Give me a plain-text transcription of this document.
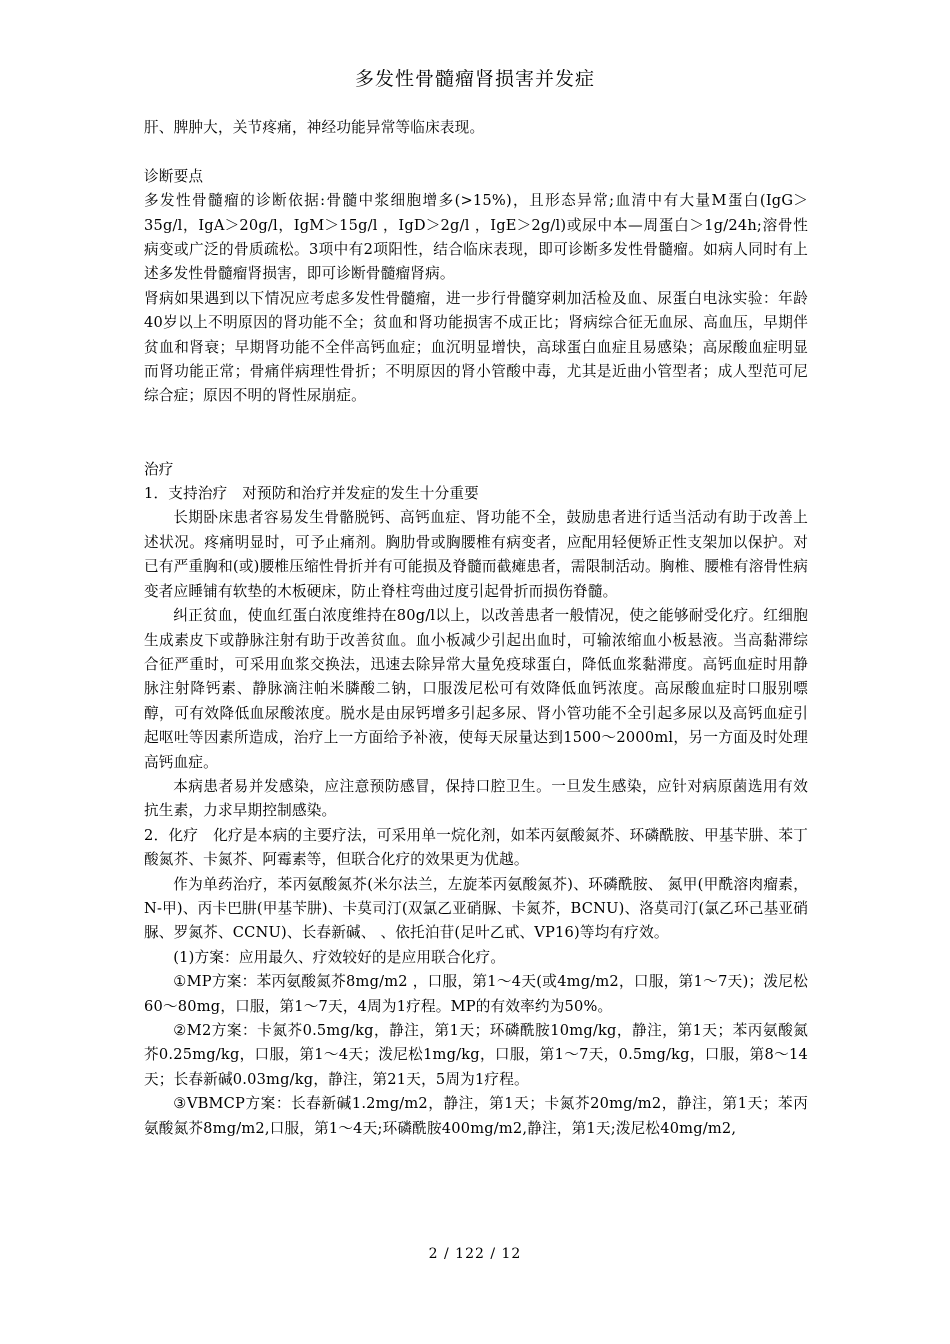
多发性骨髓瘤肾损害并发症

肝、脾肿大，关节疼痛，神经功能异常等临床表现。

诊断要点

多发性骨髓瘤的诊断依据:骨髓中浆细胞增多(>15%)，且形态异常;血清中有大量M蛋白(IgG＞35g/l，IgA＞20g/l，IgM＞15g/l ，IgD＞2g/l ，IgE＞2g/l)或尿中本—周蛋白＞1g/24h;溶骨性病变或广泛的骨质疏松。3项中有2项阳性，结合临床表现，即可诊断多发性骨髓瘤。如病人同时有上述多发性骨髓瘤肾损害，即可诊断骨髓瘤肾病。

肾病如果遇到以下情况应考虑多发性骨髓瘤，进一步行骨髓穿刺加活检及血、尿蛋白电泳实验：年龄40岁以上不明原因的肾功能不全；贫血和肾功能损害不成正比；肾病综合征无血尿、高血压，早期伴贫血和肾衰；早期肾功能不全伴高钙血症；血沉明显增快，高球蛋白血症且易感染；高尿酸血症明显而肾功能正常；骨痛伴病理性骨折；不明原因的肾小管酸中毒，尤其是近曲小管型者；成人型范可尼综合症；原因不明的肾性尿崩症。

治疗

1．支持治疗　对预防和治疗并发症的发生十分重要

长期卧床患者容易发生骨骼脱钙、高钙血症、肾功能不全，鼓励患者进行适当活动有助于改善上述状况。疼痛明显时，可予止痛剂。胸肋骨或胸腰椎有病变者，应配用轻便矫正性支架加以保护。对已有严重胸和(或)腰椎压缩性骨折并有可能损及脊髓而截瘫患者，需限制活动。胸椎、腰椎有溶骨性病变者应睡铺有软垫的木板硬床，防止脊柱弯曲过度引起骨折而损伤脊髓。

纠正贫血，使血红蛋白浓度维持在80g/l以上，以改善患者一般情况，使之能够耐受化疗。红细胞生成素皮下或静脉注射有助于改善贫血。血小板减少引起出血时，可输浓缩血小板悬液。当高黏滞综合征严重时，可采用血浆交换法，迅速去除异常大量免疫球蛋白，降低血浆黏滞度。高钙血症时用静脉注射降钙素、静脉滴注帕米膦酸二钠，口服泼尼松可有效降低血钙浓度。高尿酸血症时口服别嘌醇，可有效降低血尿酸浓度。脱水是由尿钙增多引起多尿、肾小管功能不全引起多尿以及高钙血症引起呕吐等因素所造成，治疗上一方面给予补液，使每天尿量达到1500～2000ml，另一方面及时处理高钙血症。

本病患者易并发感染，应注意预防感冒，保持口腔卫生。一旦发生感染，应针对病原菌选用有效抗生素，力求早期控制感染。

2．化疗　化疗是本病的主要疗法，可采用单一烷化剂，如苯丙氨酸氮芥、环磷酰胺、甲基苄肼、苯丁酸氮芥、卡氮芥、阿霉素等，但联合化疗的效果更为优越。

作为单药治疗，苯丙氨酸氮芥(米尔法兰，左旋苯丙氨酸氮芥)、环磷酰胺、 氮甲(甲酰溶肉瘤素，N-甲)、丙卡巴肼(甲基苄肼)、卡莫司汀(双氯乙亚硝脲、卡氮芥，BCNU)、洛莫司汀(氯乙环己基亚硝脲、罗氮芥、CCNU)、长春新碱、 、依托泊苷(足叶乙甙、VP16)等均有疗效。

(1)方案：应用最久、疗效较好的是应用联合化疗。

①MP方案：苯丙氨酸氮芥8mg/m2 ，口服，第1～4天(或4mg/m2，口服，第1～7天)；泼尼松 60～80mg，口服，第1～7天，4周为1疗程。MP的有效率约为50%。

②M2方案：卡氮芥0.5mg/kg，静注，第1天；环磷酰胺10mg/kg，静注，第1天；苯丙氨酸氮芥0.25mg/kg，口服，第1～4天；泼尼松1mg/kg，口服，第1～7天，0.5mg/kg，口服，第8～14天；长春新碱0.03mg/kg，静注，第21天，5周为1疗程。

③VBMCP方案：长春新碱1.2mg/m2，静注，第1天；卡氮芥20mg/m2，静注，第1天；苯丙氨酸氮芥8mg/m2,口服，第1～4天;环磷酰胺400mg/m2,静注，第1天;泼尼松40mg/m2,

2 / 122 / 12
